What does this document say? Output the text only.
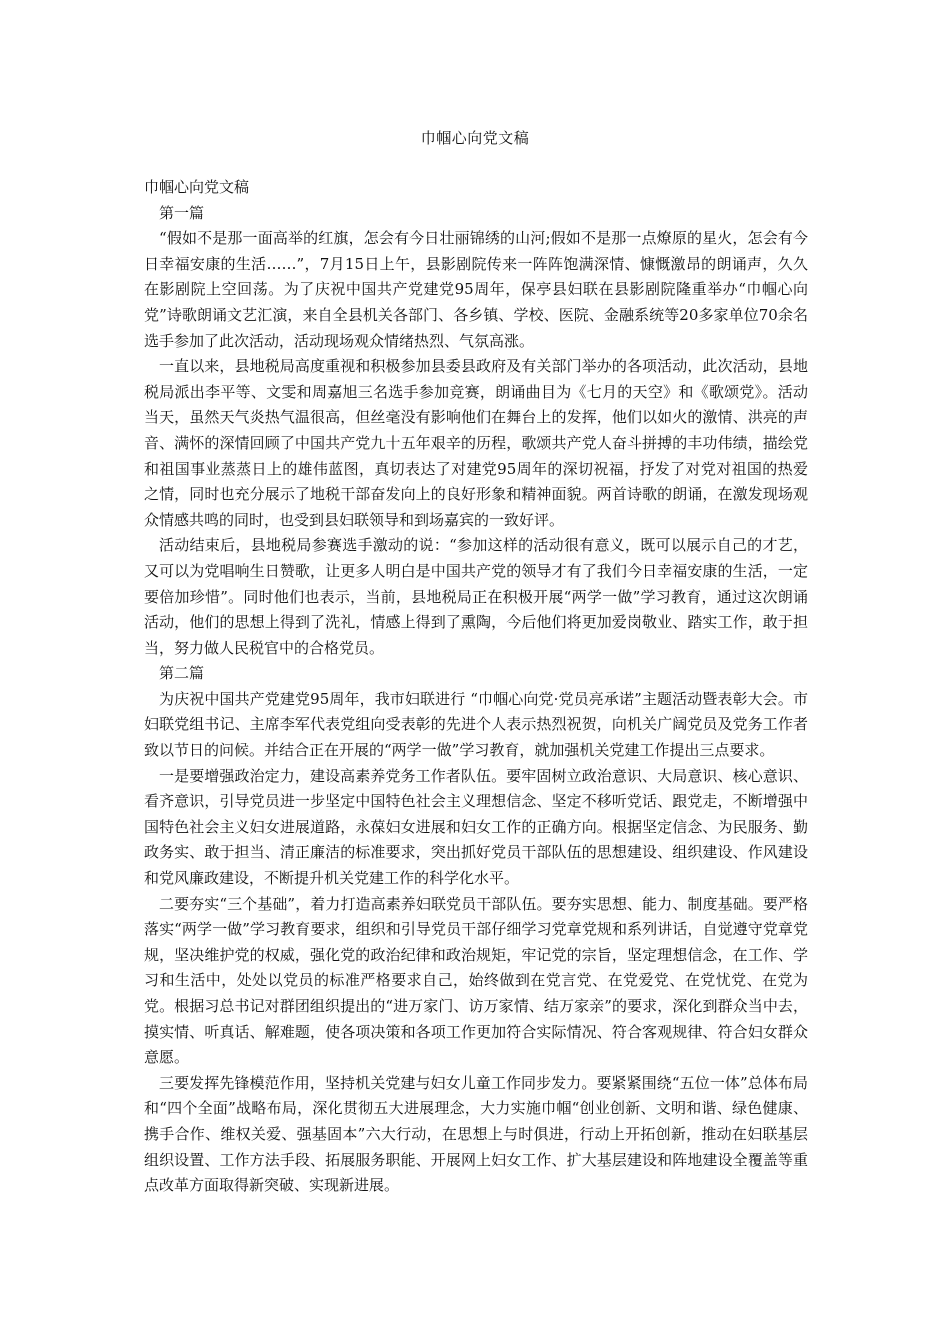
巾帼心向党文稿

巾帼心向党文稿

第一篇

“假如不是那一面高举的红旗，怎会有今日壮丽锦绣的山河;假如不是那一点燎原的星火，怎会有今日幸福安康的生活……”，7月15日上午，县影剧院传来一阵阵饱满深情、慷慨激昂的朗诵声，久久在影剧院上空回荡。为了庆祝中国共产党建党95周年，保亭县妇联在县影剧院隆重举办“巾帼心向党”诗歌朗诵文艺汇演，来自全县机关各部门、各乡镇、学校、医院、金融系统等20多家单位70余名选手参加了此次活动，活动现场观众情绪热烈、气氛高涨。

一直以来，县地税局高度重视和积极参加县委县政府及有关部门举办的各项活动，此次活动，县地税局派出李平等、文雯和周嘉旭三名选手参加竞赛，朗诵曲目为《七月的天空》和《歌颂党》。活动当天，虽然天气炎热气温很高，但丝毫没有影响他们在舞台上的发挥，他们以如火的激情、洪亮的声音、满怀的深情回顾了中国共产党九十五年艰辛的历程，歌颂共产党人奋斗拼搏的丰功伟绩，描绘党和祖国事业蒸蒸日上的雄伟蓝图，真切表达了对建党95周年的深切祝福，抒发了对党对祖国的热爱之情，同时也充分展示了地税干部奋发向上的良好形象和精神面貌。两首诗歌的朗诵，在激发现场观众情感共鸣的同时，也受到县妇联领导和到场嘉宾的一致好评。

活动结束后，县地税局参赛选手激动的说：“参加这样的活动很有意义，既可以展示自己的才艺，又可以为党唱响生日赞歌，让更多人明白是中国共产党的领导才有了我们今日幸福安康的生活，一定要倍加珍惜”。同时他们也表示，当前，县地税局正在积极开展“两学一做”学习教育，通过这次朗诵活动，他们的思想上得到了洗礼，情感上得到了熏陶，今后他们将更加爱岗敬业、踏实工作，敢于担当，努力做人民税官中的合格党员。

第二篇

为庆祝中国共产党建党95周年，我市妇联进行 “巾帼心向党·党员亮承诺”主题活动暨表彰大会。市妇联党组书记、主席李军代表党组向受表彰的先进个人表示热烈祝贺，向机关广阔党员及党务工作者致以节日的问候。并结合正在开展的“两学一做”学习教育，就加强机关党建工作提出三点要求。

一是要增强政治定力，建设高素养党务工作者队伍。要牢固树立政治意识、大局意识、核心意识、看齐意识，引导党员进一步坚定中国特色社会主义理想信念、坚定不移听党话、跟党走，不断增强中国特色社会主义妇女进展道路，永葆妇女进展和妇女工作的正确方向。根据坚定信念、为民服务、勤政务实、敢于担当、清正廉洁的标准要求，突出抓好党员干部队伍的思想建设、组织建设、作风建设和党风廉政建设，不断提升机关党建工作的科学化水平。

二要夯实“三个基础”，着力打造高素养妇联党员干部队伍。要夯实思想、能力、制度基础。要严格落实“两学一做”学习教育要求，组织和引导党员干部仔细学习党章党规和系列讲话，自觉遵守党章党规，坚决维护党的权威，强化党的政治纪律和政治规矩，牢记党的宗旨，坚定理想信念，在工作、学习和生活中，处处以党员的标准严格要求自己，始终做到在党言党、在党爱党、在党忧党、在党为党。根据习总书记对群团组织提出的“进万家门、访万家情、结万家亲”的要求，深化到群众当中去，摸实情、听真话、解难题，使各项决策和各项工作更加符合实际情况、符合客观规律、符合妇女群众意愿。

三要发挥先锋模范作用，坚持机关党建与妇女儿童工作同步发力。要紧紧围绕“五位一体”总体布局和“四个全面”战略布局，深化贯彻五大进展理念，大力实施巾帼“创业创新、文明和谐、绿色健康、携手合作、维权关爱、强基固本”六大行动，在思想上与时俱进，行动上开拓创新，推动在妇联基层组织设置、工作方法手段、拓展服务职能、开展网上妇女工作、扩大基层建设和阵地建设全覆盖等重点改革方面取得新突破、实现新进展。
